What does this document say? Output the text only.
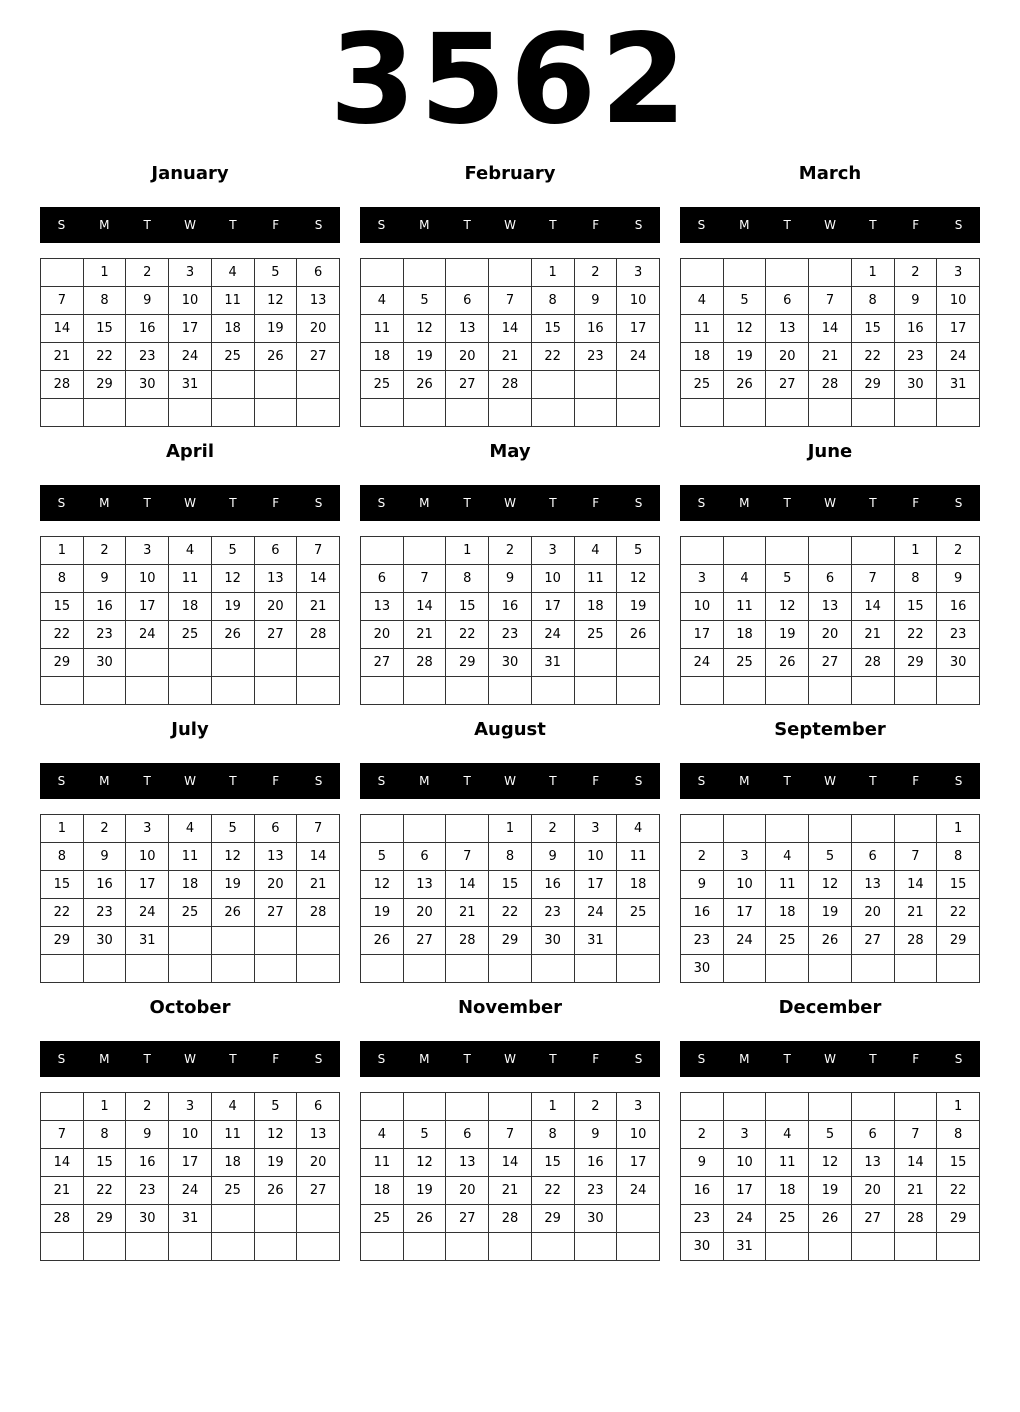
3562
January
S	M	T	W	T	F	S
	1	2	3	4	5	6
7	8	9	10	11	12	13
14	15	16	17	18	19	20
21	22	23	24	25	26	27
28	29	30	31			

February
S	M	T	W	T	F	S
				1	2	3
4	5	6	7	8	9	10
11	12	13	14	15	16	17
18	19	20	21	22	23	24
25	26	27	28			

March
S	M	T	W	T	F	S
				1	2	3
4	5	6	7	8	9	10
11	12	13	14	15	16	17
18	19	20	21	22	23	24
25	26	27	28	29	30	31

April
S	M	T	W	T	F	S
1	2	3	4	5	6	7
8	9	10	11	12	13	14
15	16	17	18	19	20	21
22	23	24	25	26	27	28
29	30					

May
S	M	T	W	T	F	S
		1	2	3	4	5
6	7	8	9	10	11	12
13	14	15	16	17	18	19
20	21	22	23	24	25	26
27	28	29	30	31		

June
S	M	T	W	T	F	S
					1	2
3	4	5	6	7	8	9
10	11	12	13	14	15	16
17	18	19	20	21	22	23
24	25	26	27	28	29	30

July
S	M	T	W	T	F	S
1	2	3	4	5	6	7
8	9	10	11	12	13	14
15	16	17	18	19	20	21
22	23	24	25	26	27	28
29	30	31				

August
S	M	T	W	T	F	S
			1	2	3	4
5	6	7	8	9	10	11
12	13	14	15	16	17	18
19	20	21	22	23	24	25
26	27	28	29	30	31	

September
S	M	T	W	T	F	S
						1
2	3	4	5	6	7	8
9	10	11	12	13	14	15
16	17	18	19	20	21	22
23	24	25	26	27	28	29
30						
October
S	M	T	W	T	F	S
	1	2	3	4	5	6
7	8	9	10	11	12	13
14	15	16	17	18	19	20
21	22	23	24	25	26	27
28	29	30	31			

November
S	M	T	W	T	F	S
				1	2	3
4	5	6	7	8	9	10
11	12	13	14	15	16	17
18	19	20	21	22	23	24
25	26	27	28	29	30	

December
S	M	T	W	T	F	S
						1
2	3	4	5	6	7	8
9	10	11	12	13	14	15
16	17	18	19	20	21	22
23	24	25	26	27	28	29
30	31					
